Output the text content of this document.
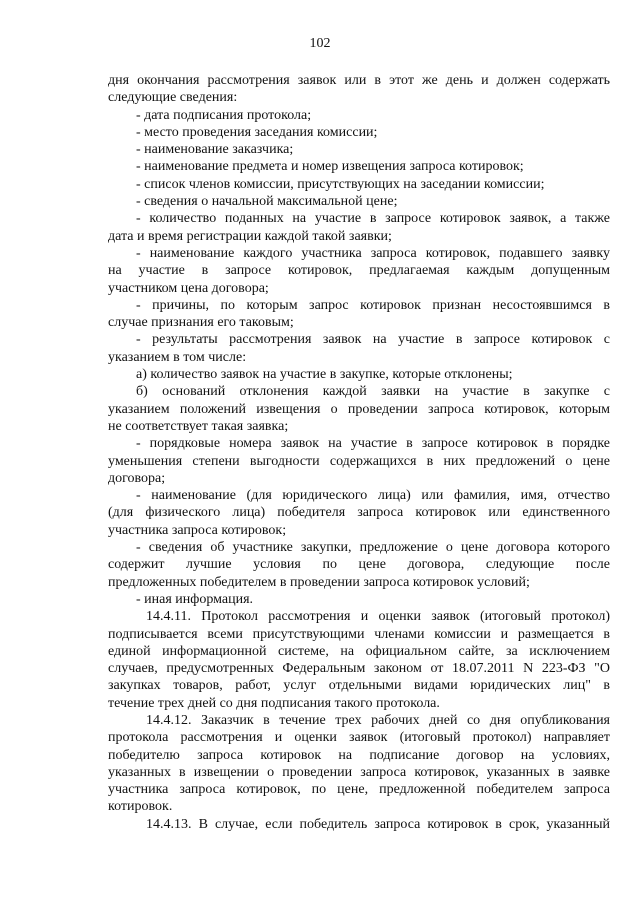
102
дня окончания рассмотрения заявок или в этот же день и должен содержать
следующие сведения:
- дата подписания протокола;
- место проведения заседания комиссии;
- наименование заказчика;
- наименование предмета и номер извещения запроса котировок;
- список членов комиссии, присутствующих на заседании комиссии;
- сведения о начальной максимальной цене;
- количество поданных на участие в запросе котировок заявок, а также
дата и время регистрации каждой такой заявки;
- наименование каждого участника запроса котировок, подавшего заявку
на участие в запросе котировок, предлагаемая каждым допущенным
участником цена договора;
- причины, по которым запрос котировок признан несостоявшимся в
случае признания его таковым;
- результаты рассмотрения заявок на участие в запросе котировок с
указанием в том числе:
а) количество заявок на участие в закупке, которые отклонены;
б) оснований отклонения каждой заявки на участие в закупке с
указанием положений извещения о проведении запроса котировок, которым
не соответствует такая заявка;
- порядковые номера заявок на участие в запросе котировок в порядке
уменьшения степени выгодности содержащихся в них предложений о цене
договора;
- наименование (для юридического лица) или фамилия, имя, отчество
(для физического лица) победителя запроса котировок или единственного
участника запроса котировок;
- сведения об участнике закупки, предложение о цене договора которого
содержит лучшие условия по цене договора, следующие после
предложенных победителем в проведении запроса котировок условий;
- иная информация.
14.4.11. Протокол рассмотрения и оценки заявок (итоговый протокол)
подписывается всеми присутствующими членами комиссии и размещается в
единой информационной системе, на официальном сайте, за исключением
случаев, предусмотренных Федеральным законом от 18.07.2011 N 223-ФЗ "О
закупках товаров, работ, услуг отдельными видами юридических лиц" в
течение трех дней со дня подписания такого протокола.
14.4.12. Заказчик в течение трех рабочих дней со дня опубликования
протокола рассмотрения и оценки заявок (итоговый протокол) направляет
победителю запроса котировок на подписание договор на условиях,
указанных в извещении о проведении запроса котировок, указанных в заявке
участника запроса котировок, по цене, предложенной победителем запроса
котировок.
14.4.13. В случае, если победитель запроса котировок в срок, указанный
